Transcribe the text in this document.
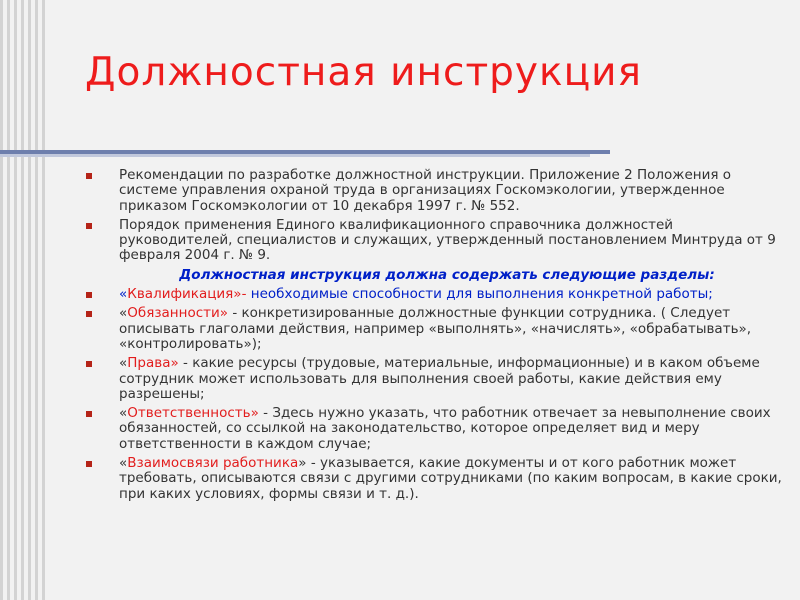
Должностная инструкция
Рекомендации по разработке должностной инструкции. Приложение 2 Положения о системе управления охраной труда в организациях Госкомэкологии, утвержденное приказом Госкомэкологии от 10 декабря 1997 г. № 552.
Порядок применения Единого квалификационного справочника должностей руководителей, специалистов и служащих, утвержденный постановлением Минтруда от 9 февраля 2004 г. № 9.
Должностная инструкция должна содержать следующие разделы:
«Квалификация»- необходимые способности для выполнения конкретной работы;
«Обязанности» - конкретизированные должностные функции сотрудника. ( Следует описывать глаголами действия, например «выполнять», «начислять», «обрабатывать», «контролировать»);
«Права» - какие ресурсы (трудовые, материальные, информационные) и в каком объеме сотрудник может использовать для выполнения своей работы, какие действия ему разрешены;
«Ответственность» - Здесь нужно указать, что работник отвечает за невыполнение своих обязанностей, со ссылкой на законодательство, которое определяет вид и меру ответственности в каждом случае;
«Взаимосвязи работника» - указывается, какие документы и от кого работник может требовать, описываются связи с другими сотрудниками (по каким вопросам, в какие сроки, при каких условиях, формы связи и т. д.).
